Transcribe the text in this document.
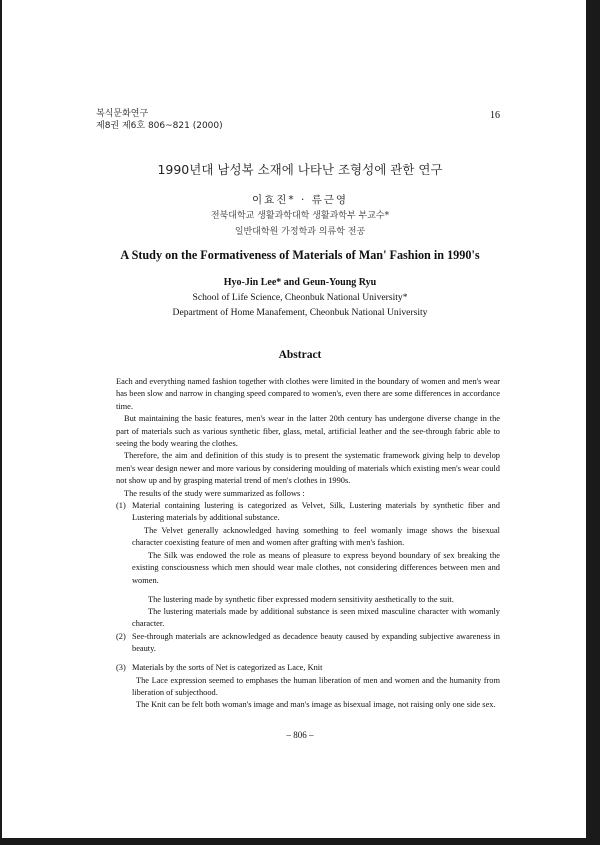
복식문화연구
제8권 제6호 806~821 (2000)
16
1990년대 남성복 소재에 나타난 조형성에 관한 연구
이효진* · 류근영
전북대학교 생활과학대학 생활과학부 부교수*
일반대학원 가정학과 의류학 전공
A Study on the Formativeness of Materials of Man' Fashion in 1990's
Hyo-Jin Lee* and Geun-Young Ryu
School of Life Science, Cheonbuk National University*
Department of Home Manafement, Cheonbuk National University
Abstract

Each and everything named fashion together with clothes were limited in the boundary of women and men's wear has been slow and narrow in changing speed compared to women's, even there are some differences in accordance time.

But maintaining the basic features, men's wear in the latter 20th century has undergone diverse change in the part of materials such as various synthetic fiber, glass, metal, artificial leather and the see-through fabric able to seeing the body wearing the clothes.

Therefore, the aim and definition of this study is to present the systematic framework giving help to develop men's wear design newer and more various by considering moulding of materials which existing men's wear could not show up and by grasping material trend of men's clothes in 1990s.

The results of the study were summarized as follows :

(1) Material containing lustering is categorized as Velvet, Silk, Lustering materials by synthetic fiber and Lustering materials by additional substance.

The Velvet generally acknowledged having something to feel womanly image shows the bisexual character coexisting feature of men and women after grafting with men's fashion.

The Silk was endowed the role as means of pleasure to express beyond boundary of sex breaking the existing consciousness which men should wear male clothes, not considering differences between men and women.

The lustering made by synthetic fiber expressed modern sensitivity aesthetically to the suit.

The lustering materials made by additional substance is seen mixed masculine character with womanly character.

(2) See-through materials are acknowledged as decadence beauty caused by expanding subjective awareness in beauty.
(3) Materials by the sorts of Net is categorized as Lace, Knit

The Lace expression seemed to emphases the human liberation of men and women and the humanity from liberation of subjecthood.

The Knit can be felt both woman's image and man's image as bisexual image, not raising only one side sex.

– 806 –
